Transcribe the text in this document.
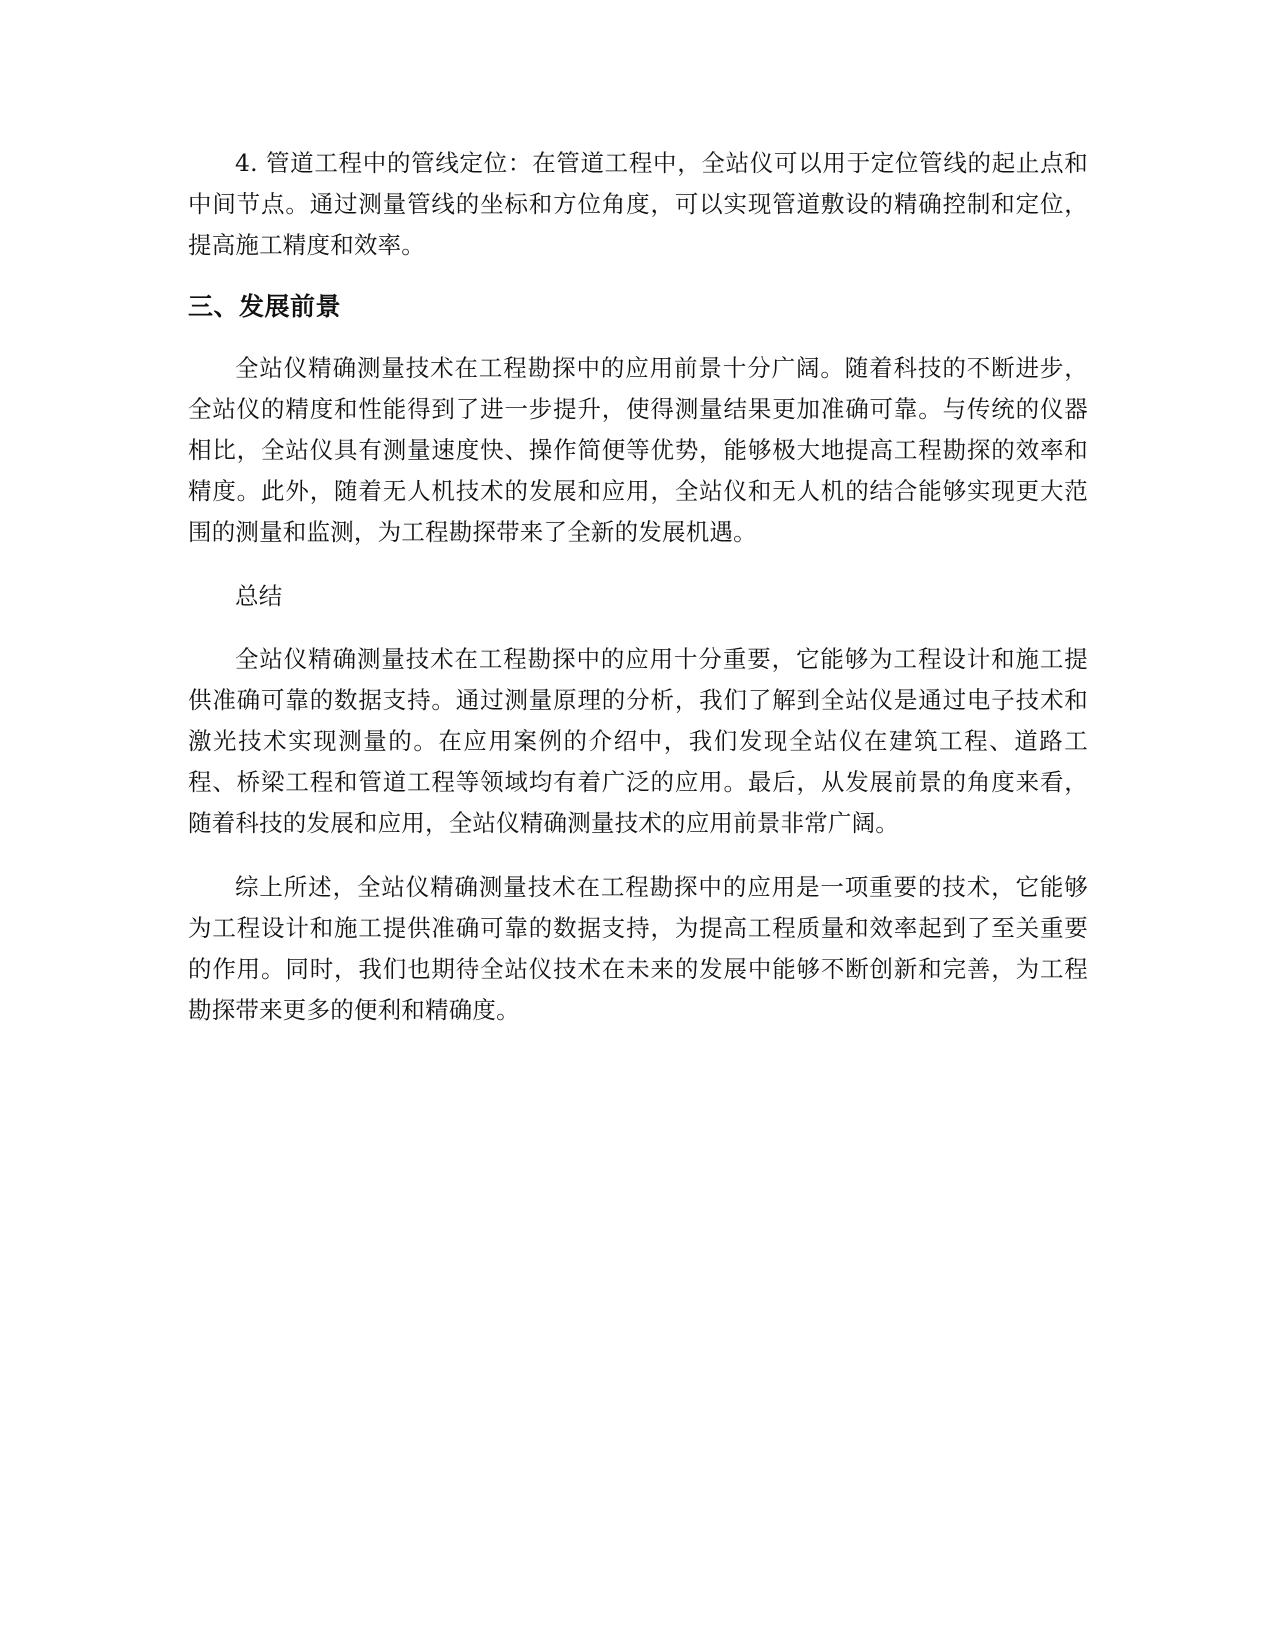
4. 管道工程中的管线定位：在管道工程中，全站仪可以用于定位管线的起止点和中间节点。通过测量管线的坐标和方位角度，可以实现管道敷设的精确控制和定位，提高施工精度和效率。

三、发展前景

全站仪精确测量技术在工程勘探中的应用前景十分广阔。随着科技的不断进步，全站仪的精度和性能得到了进一步提升，使得测量结果更加准确可靠。与传统的仪器相比，全站仪具有测量速度快、操作简便等优势，能够极大地提高工程勘探的效率和精度。此外，随着无人机技术的发展和应用，全站仪和无人机的结合能够实现更大范围的测量和监测，为工程勘探带来了全新的发展机遇。

总结

全站仪精确测量技术在工程勘探中的应用十分重要，它能够为工程设计和施工提供准确可靠的数据支持。通过测量原理的分析，我们了解到全站仪是通过电子技术和激光技术实现测量的。在应用案例的介绍中，我们发现全站仪在建筑工程、道路工程、桥梁工程和管道工程等领域均有着广泛的应用。最后，从发展前景的角度来看，随着科技的发展和应用，全站仪精确测量技术的应用前景非常广阔。

综上所述，全站仪精确测量技术在工程勘探中的应用是一项重要的技术，它能够为工程设计和施工提供准确可靠的数据支持，为提高工程质量和效率起到了至关重要的作用。同时，我们也期待全站仪技术在未来的发展中能够不断创新和完善，为工程勘探带来更多的便利和精确度。
